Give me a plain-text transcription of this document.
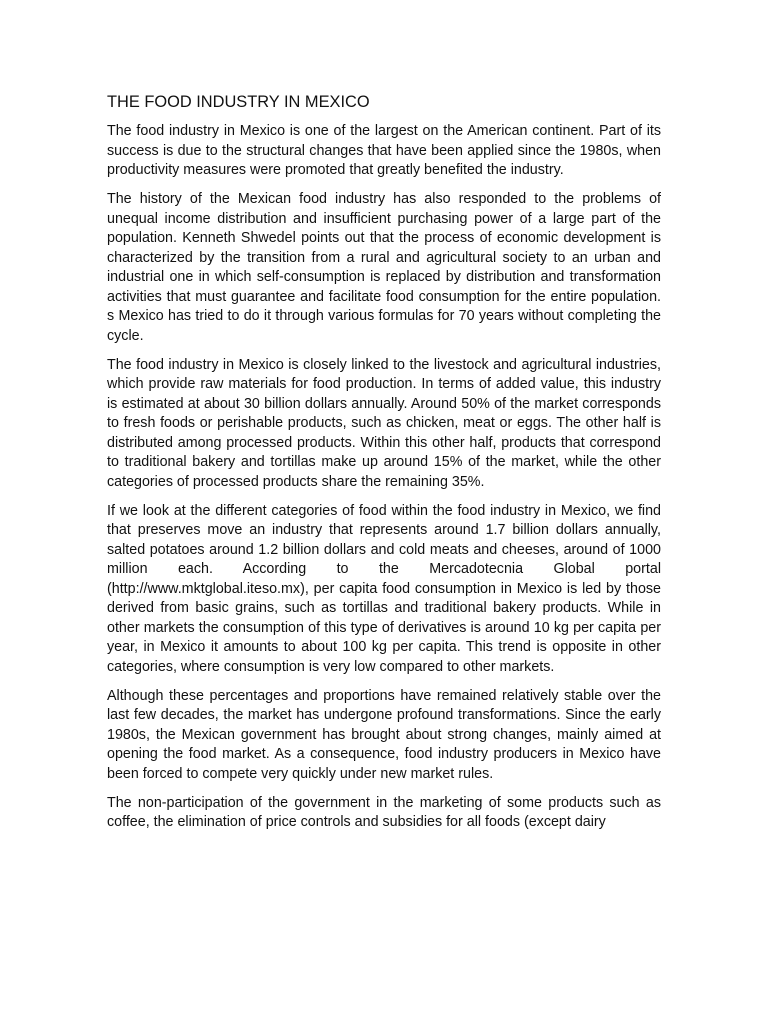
THE FOOD INDUSTRY IN MEXICO

The food industry in Mexico is one of the largest on the American continent. Part of its success is due to the structural changes that have been applied since the 1980s, when productivity measures were promoted that greatly benefited the industry.

The history of the Mexican food industry has also responded to the problems of unequal income distribution and insufficient purchasing power of a large part of the population. Kenneth Shwedel points out that the process of economic development is characterized by the transition from a rural and agricultural society to an urban and industrial one in which self-consumption is replaced by distribution and transformation activities that must guarantee and facilitate food consumption for the entire population. s Mexico has tried to do it through various formulas for 70 years without completing the cycle.

The food industry in Mexico is closely linked to the livestock and agricultural industries, which provide raw materials for food production. In terms of added value, this industry is estimated at about 30 billion dollars annually. Around 50% of the market corresponds to fresh foods or perishable products, such as chicken, meat or eggs. The other half is distributed among processed products. Within this other half, products that correspond to traditional bakery and tortillas make up around 15% of the market, while the other categories of processed products share the remaining 35%.

If we look at the different categories of food within the food industry in Mexico, we find that preserves move an industry that represents around 1.7 billion dollars annually, salted potatoes around 1.2 billion dollars and cold meats and cheeses, around of 1000 million each. According to the Mercadotecnia Global portal (http://www.mktglobal.iteso.mx), per capita food consumption in Mexico is led by those derived from basic grains, such as tortillas and traditional bakery products. While in other markets the consumption of this type of derivatives is around 10 kg per capita per year, in Mexico it amounts to about 100 kg per capita. This trend is opposite in other categories, where consumption is very low compared to other markets.

Although these percentages and proportions have remained relatively stable over the last few decades, the market has undergone profound transformations. Since the early 1980s, the Mexican government has brought about strong changes, mainly aimed at opening the food market. As a consequence, food industry producers in Mexico have been forced to compete very quickly under new market rules.

The non-participation of the government in the marketing of some products such as coffee, the elimination of price controls and subsidies for all foods (except dairy
